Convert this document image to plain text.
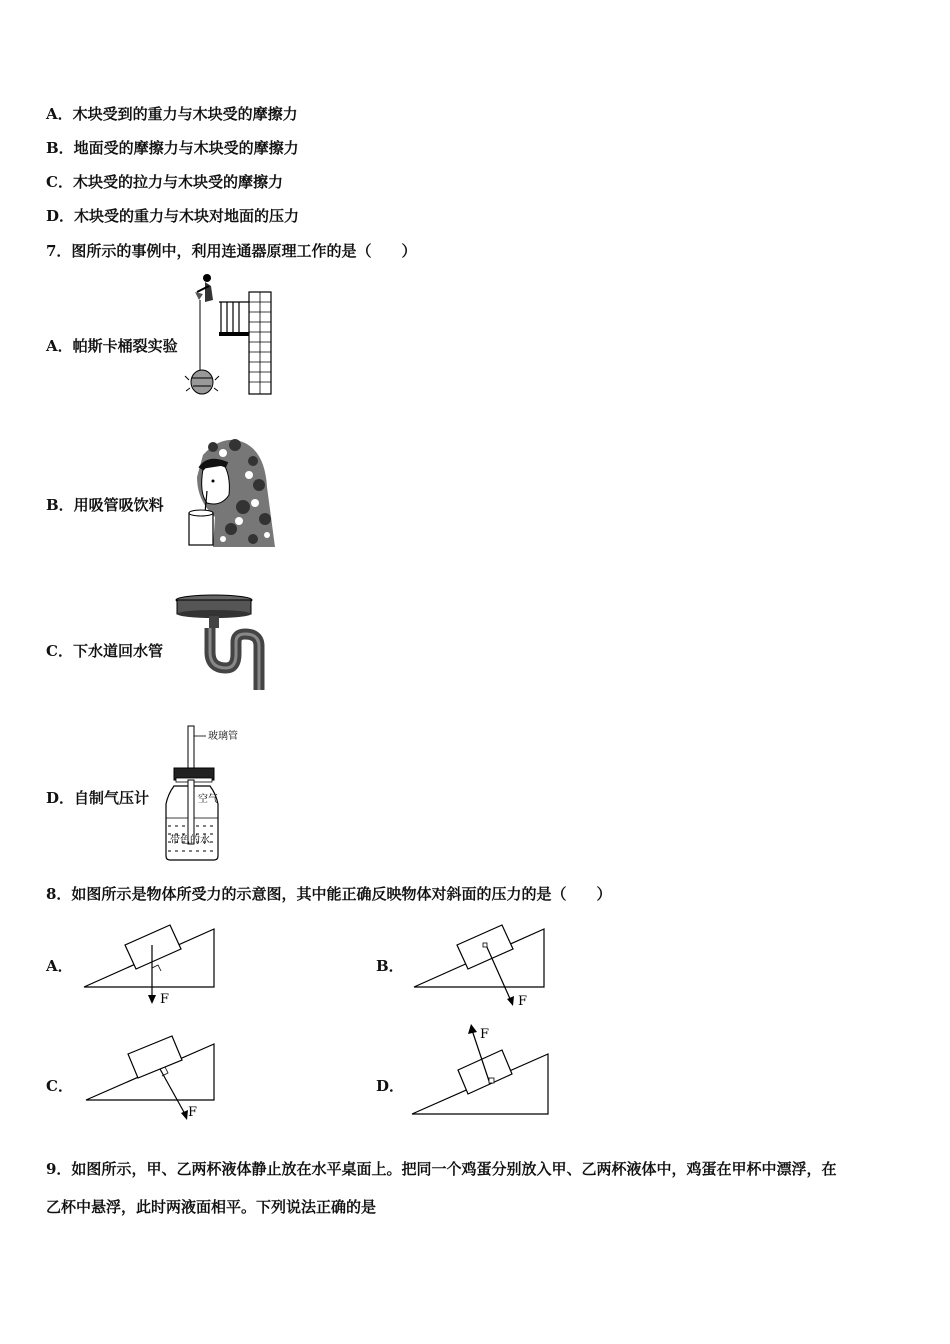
A．木块受到的重力与木块受的摩擦力
B．地面受的摩擦力与木块受的摩擦力
C．木块受的拉力与木块受的摩擦力
D．木块受的重力与木块对地面的压力
7．图所示的事例中，利用连通器原理工作的是（　　）
A．帕斯卡桶裂实验
B．用吸管吸饮料
C．下水道回水管
D．自制气压计
玻璃管
空气
带色的水
8．如图所示是物体所受力的示意图，其中能正确反映物体对斜面的压力的是（　　）
A．
F
B．
F
C．
F
D．
F
9．如图所示，甲、乙两杯液体静止放在水平桌面上。把同一个鸡蛋分别放入甲、乙两杯液体中，鸡蛋在甲杯中漂浮，在
乙杯中悬浮，此时两液面相平。下列说法正确的是
